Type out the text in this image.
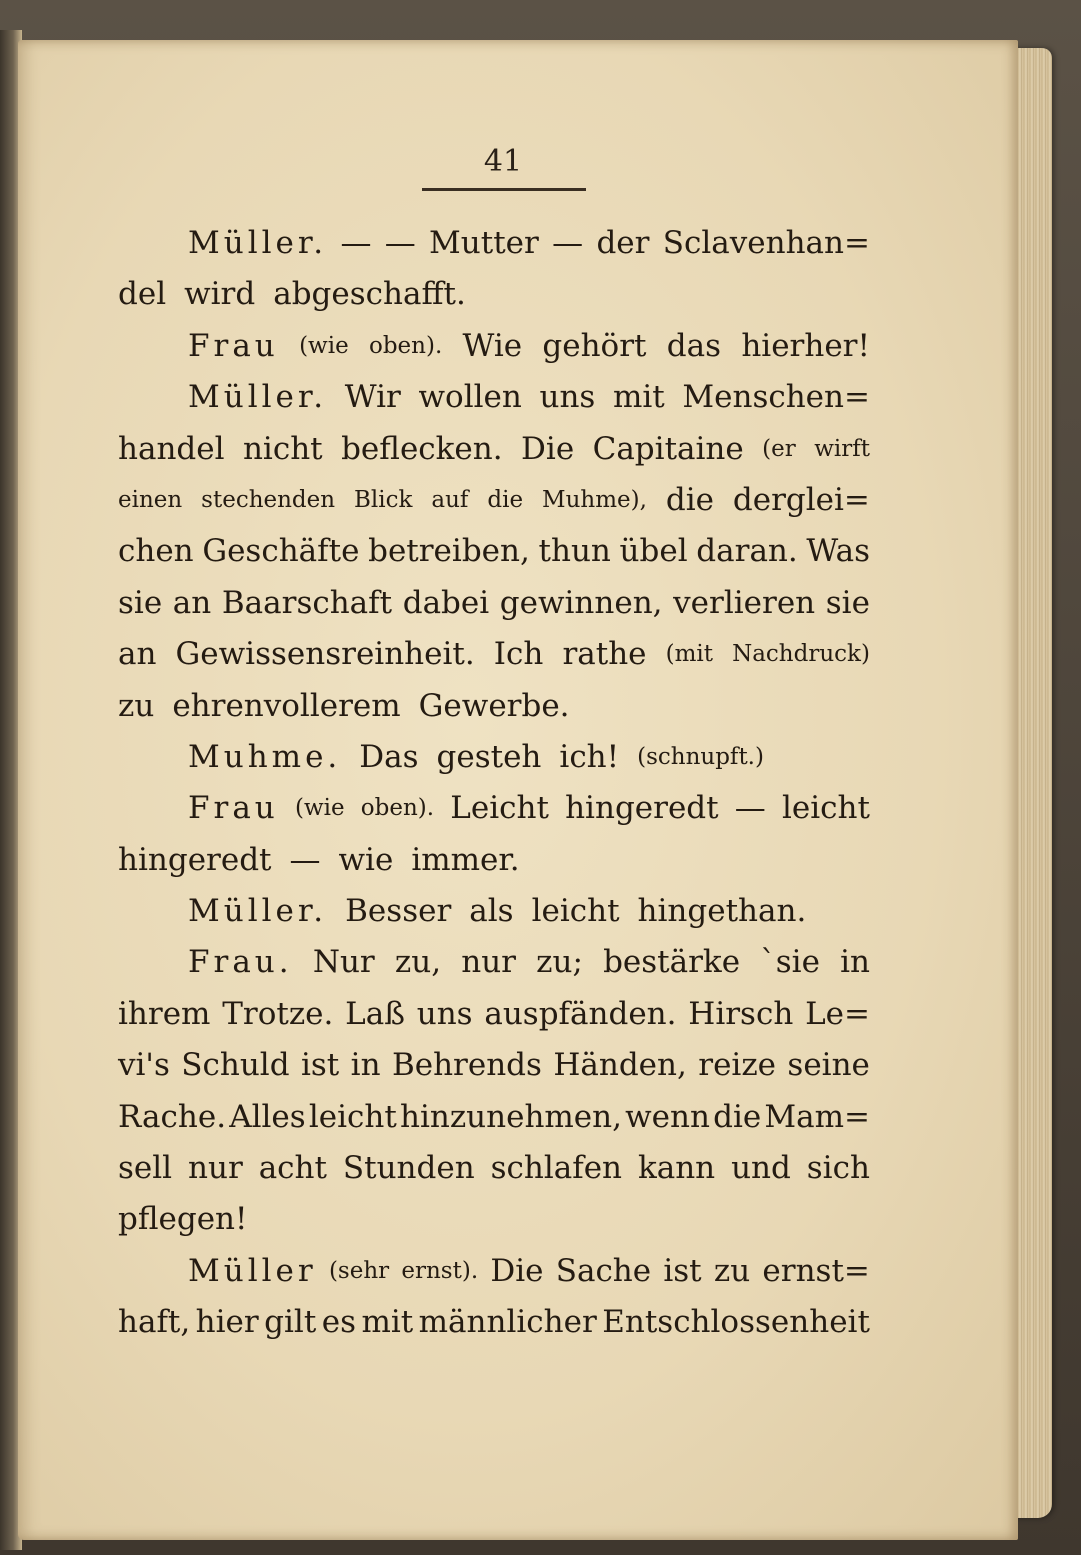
41
Müller. — — Mutter — der Sclavenhan=
del wird abgeschafft.
Frau (wie oben). Wie gehört das hierher!
Müller. Wir wollen uns mit Menschen=
handel nicht beflecken. Die Capitaine (er wirft
einen stechenden Blick auf die Muhme), die derglei=
chen Geschäfte betreiben, thun übel daran. Was
sie an Baarschaft dabei gewinnen, verlieren sie
an Gewissensreinheit. Ich rathe (mit Nachdruck)
zu ehrenvollerem Gewerbe.
Muhme. Das gesteh ich! (schnupft.)
Frau (wie oben). Leicht hingeredt — leicht
hingeredt — wie immer.
Müller. Besser als leicht hingethan.
Frau. Nur zu, nur zu; bestärke `sie in
ihrem Trotze. Laß uns auspfänden. Hirsch Le=
vi's Schuld ist in Behrends Händen, reize seine
Rache. Alles leicht hinzunehmen, wenn die Mam=
sell nur acht Stunden schlafen kann und sich
pflegen!
Müller (sehr ernst). Die Sache ist zu ernst=
haft, hier gilt es mit männlicher Entschlossenheit
